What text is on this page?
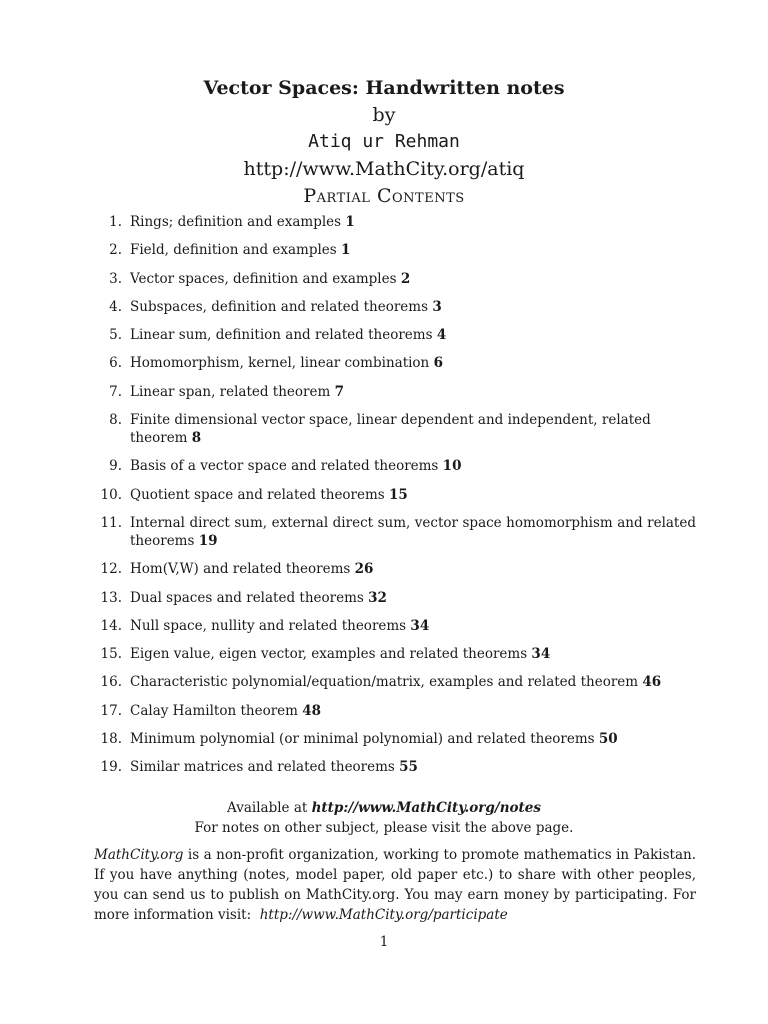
Vector Spaces: Handwritten notes
by
Atiq ur Rehman
http://www.MathCity.org/atiq
Partial Contents
1. Rings; definition and examples 1
2. Field, definition and examples 1
3. Vector spaces, definition and examples 2
4. Subspaces, definition and related theorems 3
5. Linear sum, definition and related theorems 4
6. Homomorphism, kernel, linear combination 6
7. Linear span, related theorem 7
8. Finite dimensional vector space, linear dependent and independent, related theorem 8
9. Basis of a vector space and related theorems 10
10. Quotient space and related theorems 15
11. Internal direct sum, external direct sum, vector space homomorphism and related theorems 19
12. Hom(V,W) and related theorems 26
13. Dual spaces and related theorems 32
14. Null space, nullity and related theorems 34
15. Eigen value, eigen vector, examples and related theorems 34
16. Characteristic polynomial/equation/matrix, examples and related theorem 46
17. Calay Hamilton theorem 48
18. Minimum polynomial (or minimal polynomial) and related theorems 50
19. Similar matrices and related theorems 55
Available at http://www.MathCity.org/notes
For notes on other subject, please visit the above page.
MathCity.org is a non-profit organization, working to promote mathematics in Pakistan. If you have anything (notes, model paper, old paper etc.) to share with other peoples, you can send us to publish on MathCity.org. You may earn money by participating. For more information visit: http://www.MathCity.org/participate
1
